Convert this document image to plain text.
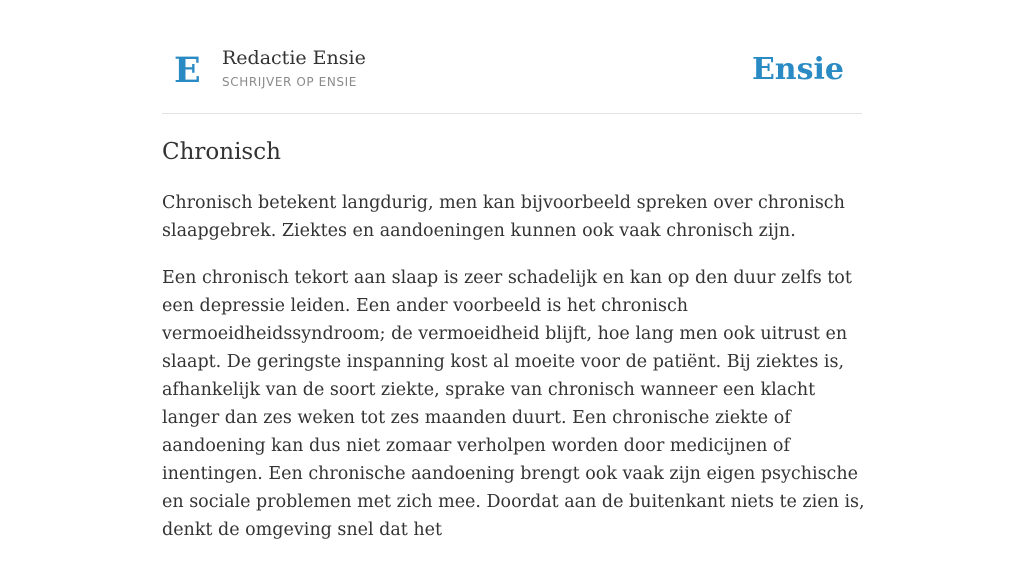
E Redactie Ensie
SCHRIJVER OP ENSIE	Ensie
Chronisch

Chronisch betekent langdurig, men kan bijvoorbeeld spreken over chronisch slaapgebrek. Ziektes en aandoeningen kunnen ook vaak chronisch zijn.

Een chronisch tekort aan slaap is zeer schadelijk en kan op den duur zelfs tot een depressie leiden. Een ander voorbeeld is het chronisch vermoeidheidssyndroom; de vermoeidheid blijft, hoe lang men ook uitrust en slaapt. De geringste inspanning kost al moeite voor de patiënt. Bij ziektes is, afhankelijk van de soort ziekte, sprake van chronisch wanneer een klacht langer dan zes weken tot zes maanden duurt. Een chronische ziekte of aandoening kan dus niet zomaar verholpen worden door medicijnen of inentingen. Een chronische aandoening brengt ook vaak zijn eigen psychische en sociale problemen met zich mee. Doordat aan de buitenkant niets te zien is, denkt de omgeving snel dat het
